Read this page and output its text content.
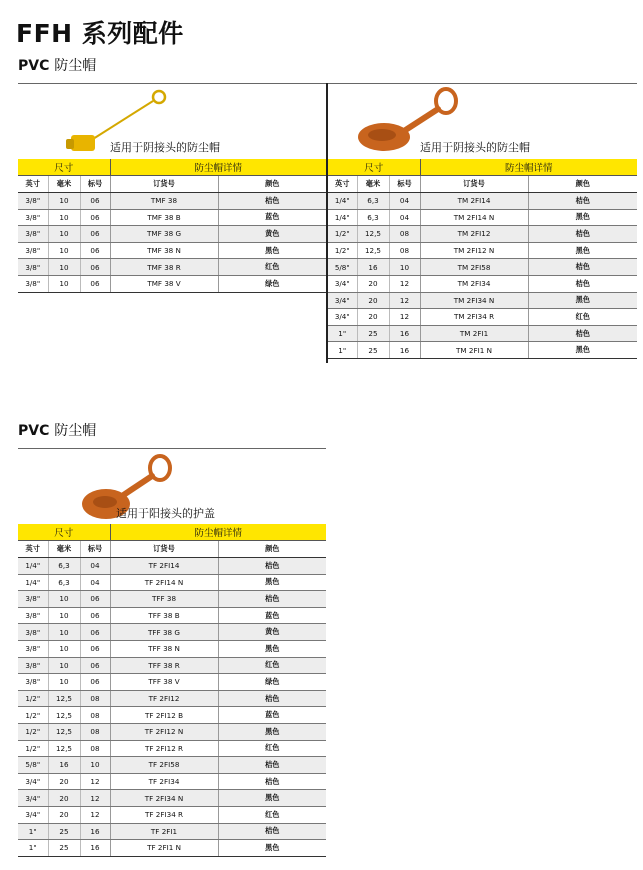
FFH 系列配件
PVC 防尘帽
适用于阴接头的防尘帽	适用于阴接头的防尘帽
尺寸			防尘帽详情	
英寸	毫米	标号	订货号	颜色
3/8"	10	06	TMF 38	桔色
3/8"	10	06	TMF 38 B	蓝色
3/8"	10	06	TMF 38 G	黄色
3/8"	10	06	TMF 38 N	黑色
3/8"	10	06	TMF 38 R	红色
3/8"	10	06	TMF 38 V	绿色
尺寸			防尘帽详情	
英寸	毫米	标号	订货号	颜色
1/4"	6,3	04	TM 2FI14	桔色
1/4"	6,3	04	TM 2FI14 N	黑色
1/2"	12,5	08	TM 2FI12	桔色
1/2"	12,5	08	TM 2FI12 N	黑色
5/8"	16	10	TM 2FI58	桔色
3/4"	20	12	TM 2FI34	桔色
3/4"	20	12	TM 2FI34 N	黑色
3/4"	20	12	TM 2FI34 R	红色
1"	25	16	TM 2FI1	桔色
1"	25	16	TM 2FI1 N	黑色
PVC 防尘帽
适用于阳接头的护盖
尺寸			防尘帽详情	
英寸	毫米	标号	订货号	颜色
1/4"	6,3	04	TF 2FI14	桔色
1/4"	6,3	04	TF 2FI14 N	黑色
3/8"	10	06	TFF 38	桔色
3/8"	10	06	TFF 38 B	蓝色
3/8"	10	06	TFF 38 G	黄色
3/8"	10	06	TFF 38 N	黑色
3/8"	10	06	TFF 38 R	红色
3/8"	10	06	TFF 38 V	绿色
1/2"	12,5	08	TF 2FI12	桔色
1/2"	12,5	08	TF 2FI12 B	蓝色
1/2"	12,5	08	TF 2FI12 N	黑色
1/2"	12,5	08	TF 2FI12 R	红色
5/8"	16	10	TF 2FI58	桔色
3/4"	20	12	TF 2FI34	桔色
3/4"	20	12	TF 2FI34 N	黑色
3/4"	20	12	TF 2FI34 R	红色
1"	25	16	TF 2FI1	桔色
1"	25	16	TF 2FI1 N	黑色
